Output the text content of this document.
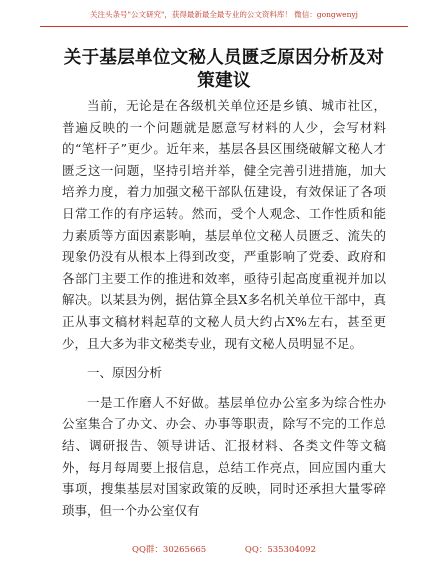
关注头条号"公文研究"，获得最新最全最专业的公文资料库！ 微信：gongwenyj
关于基层单位文秘人员匮乏原因分析及对策建议

当前，无论是在各级机关单位还是乡镇、城市社区，普遍反映的一个问题就是愿意写材料的人少，会写材料的“笔杆子”更少。近年来，基层各县区围绕破解文秘人才匮乏这一问题，坚持引培并举，健全完善引进措施，加大培养力度，着力加强文秘干部队伍建设，有效保证了各项日常工作的有序运转。然而，受个人观念、工作性质和能力素质等方面因素影响，基层单位文秘人员匮乏、流失的现象仍没有从根本上得到改变，严重影响了党委、政府和各部门主要工作的推进和效率，亟待引起高度重视并加以解决。以某县为例，据估算全县X多名机关单位干部中，真正从事文稿材料起草的文秘人员大约占X%左右，甚至更少，且大多为非文秘类专业，现有文秘人员明显不足。

一、原因分析

一是工作磨人不好做。基层单位办公室多为综合性办公室集合了办文、办会、办事等职责，除写不完的工作总结、调研报告、领导讲话、汇报材料、各类文件等文稿外，每月每周要上报信息，总结工作亮点，回应国内重大事项，搜集基层对国家政策的反映，同时还承担大量零碎琐事，但一个办公室仅有

QQ群：30265665	QQ：535304092
